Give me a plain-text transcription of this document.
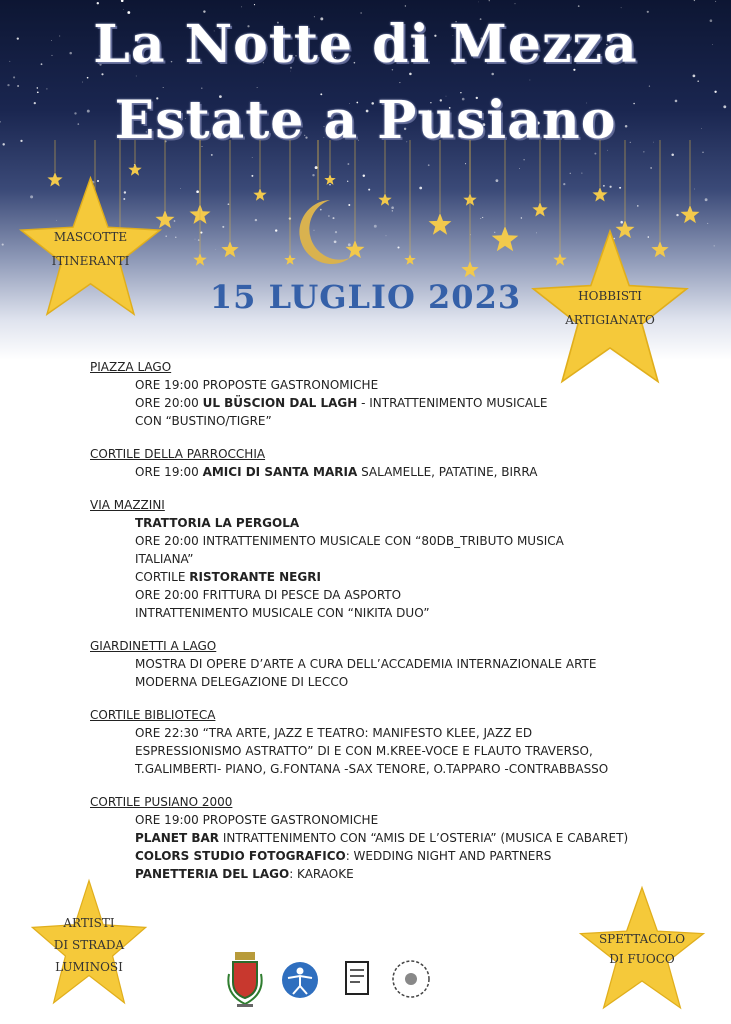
La Notte di Mezza
Estate a Pusiano
15 LUGLIO 2023
MASCOTTE
ITINERANTI
HOBBISTI
ARTIGIANATO
ARTISTI
DI STRADA
LUMINOSI
SPETTACOLO
DI FUOCO
PIAZZA LAGO
ORE 19:00 PROPOSTE GASTRONOMICHE
ORE 20:00 UL BÜSCION DAL LAGH - INTRATTENIMENTO MUSICALE
CON “BUSTINO/TIGRE”
CORTILE DELLA PARROCCHIA
ORE 19:00 AMICI DI SANTA MARIA SALAMELLE, PATATINE, BIRRA
VIA MAZZINI
TRATTORIA LA PERGOLA
ORE 20:00 INTRATTENIMENTO MUSICALE CON “80DB_TRIBUTO MUSICA
ITALIANA”
CORTILE RISTORANTE NEGRI
ORE 20:00 FRITTURA DI PESCE DA ASPORTO
INTRATTENIMENTO MUSICALE CON “NIKITA DUO”
GIARDINETTI A LAGO
MOSTRA DI OPERE D’ARTE A CURA DELL’ACCADEMIA INTERNAZIONALE ARTE
MODERNA DELEGAZIONE DI LECCO
CORTILE BIBLIOTECA
ORE 22:30 “TRA ARTE, JAZZ E TEATRO: MANIFESTO KLEE, JAZZ ED
ESPRESSIONISMO ASTRATTO” DI E CON M.KREE-VOCE E FLAUTO TRAVERSO,
T.GALIMBERTI- PIANO, G.FONTANA -SAX TENORE, O.TAPPARO -CONTRABBASSO
CORTILE PUSIANO 2000
ORE 19:00 PROPOSTE GASTRONOMICHE
PLANET BAR INTRATTENIMENTO CON “AMIS DE L’OSTERIA” (MUSICA E CABARET)
COLORS STUDIO FOTOGRAFICO: WEDDING NIGHT AND PARTNERS
PANETTERIA DEL LAGO: KARAOKE
